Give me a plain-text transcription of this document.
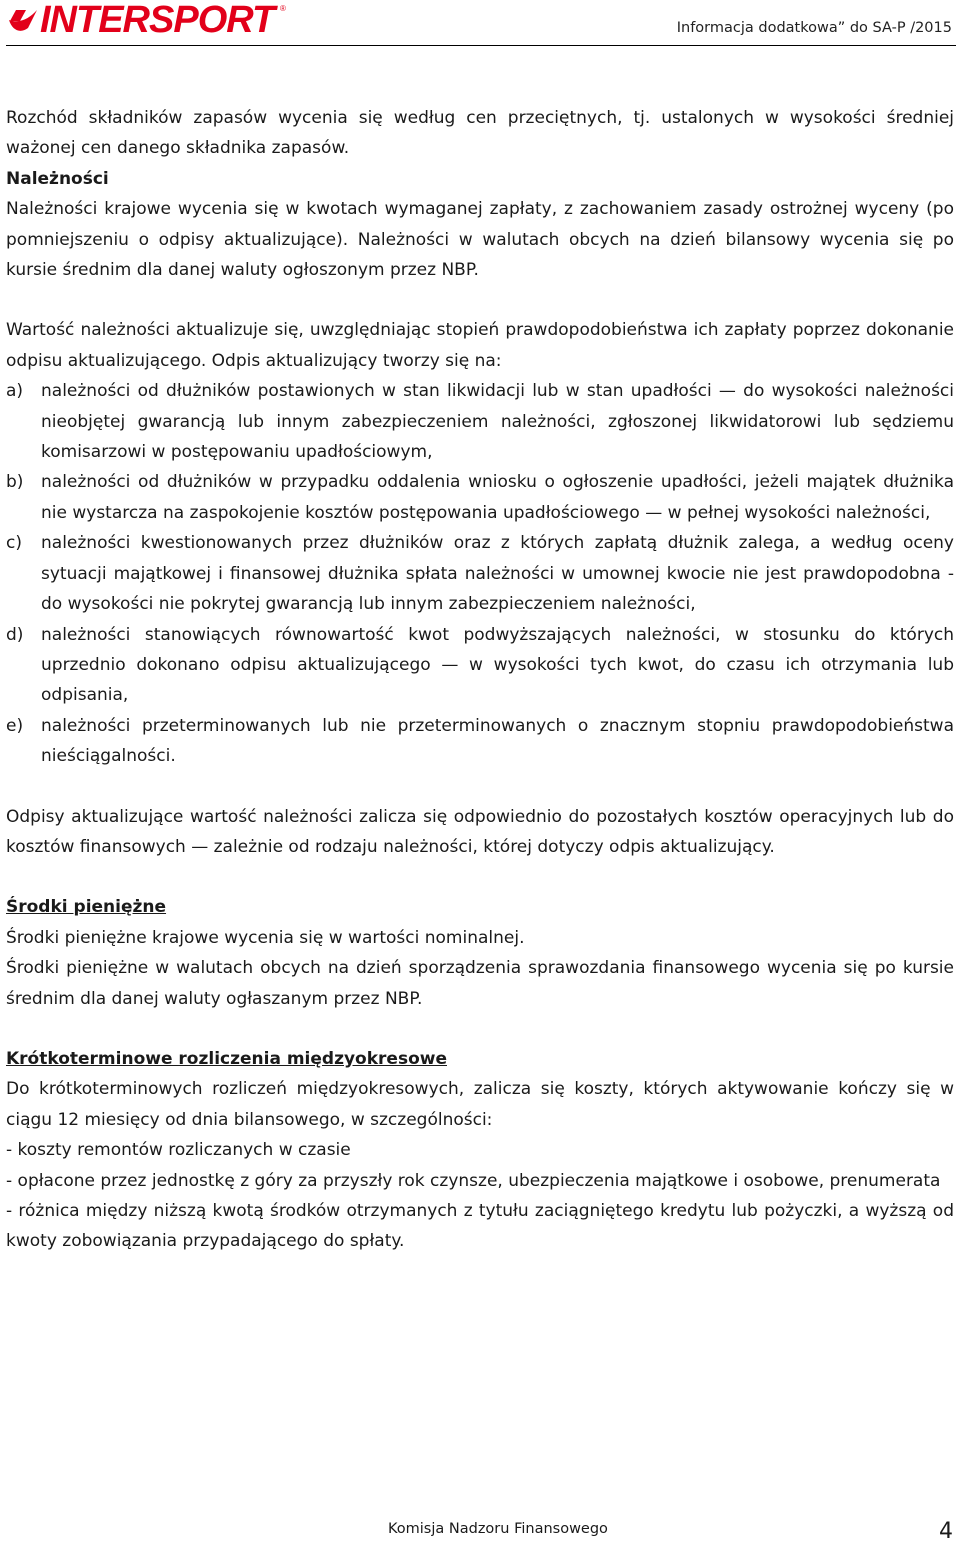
INTERSPORT ®
Informacja dodatkowa” do SA-P /2015

Rozchód składników zapasów wycenia się według cen przeciętnych, tj. ustalonych w wysokości średniej ważonej cen danego składnika zapasów.

Należności

Należności krajowe wycenia się w kwotach wymaganej zapłaty, z zachowaniem zasady ostrożnej wyceny (po pomniejszeniu o odpisy aktualizujące). Należności w walutach obcych na dzień bilansowy wycenia się po kursie średnim dla danej waluty ogłoszonym przez NBP.

Wartość należności aktualizuje się, uwzględniając stopień prawdopodobieństwa ich zapłaty poprzez dokonanie odpisu aktualizującego. Odpis aktualizujący tworzy się na:

a) należności od dłużników postawionych w stan likwidacji lub w stan upadłości — do wysokości należności nieobjętej gwarancją lub innym zabezpieczeniem należności, zgłoszonej likwidatorowi lub sędziemu komisarzowi w postępowaniu upadłościowym,
b) należności od dłużników w przypadku oddalenia wniosku o ogłoszenie upadłości, jeżeli majątek dłużnika nie wystarcza na zaspokojenie kosztów postępowania upadłościowego — w pełnej wysokości należności,
c) należności kwestionowanych przez dłużników oraz z których zapłatą dłużnik zalega, a według oceny sytuacji majątkowej i finansowej dłużnika spłata należności w umownej kwocie nie jest prawdopodobna - do wysokości nie pokrytej gwarancją lub innym zabezpieczeniem należności,
d) należności stanowiących równowartość kwot podwyższających należności, w stosunku do których uprzednio dokonano odpisu aktualizującego — w wysokości tych kwot, do czasu ich otrzymania lub odpisania,
e) należności przeterminowanych lub nie przeterminowanych o znacznym stopniu prawdopodobieństwa nieściągalności.

Odpisy aktualizujące wartość należności zalicza się odpowiednio do pozostałych kosztów operacyjnych lub do kosztów finansowych — zależnie od rodzaju należności, której dotyczy odpis aktualizujący.

Środki pieniężne

Środki pieniężne krajowe wycenia się w wartości nominalnej.

Środki pieniężne w walutach obcych na dzień sporządzenia sprawozdania finansowego wycenia się po kursie średnim dla danej waluty ogłaszanym przez NBP.

Krótkoterminowe rozliczenia międzyokresowe

Do krótkoterminowych rozliczeń międzyokresowych, zalicza się koszty, których aktywowanie kończy się w ciągu 12 miesięcy od dnia bilansowego, w szczególności:

- koszty remontów rozliczanych w czasie

- opłacone przez jednostkę z góry za przyszły rok czynsze, ubezpieczenia majątkowe i osobowe, prenumerata

- różnica między niższą kwotą środków otrzymanych z tytułu zaciągniętego kredytu lub pożyczki, a wyższą od kwoty zobowiązania przypadającego do spłaty.

Komisja Nadzoru Finansowego	4
